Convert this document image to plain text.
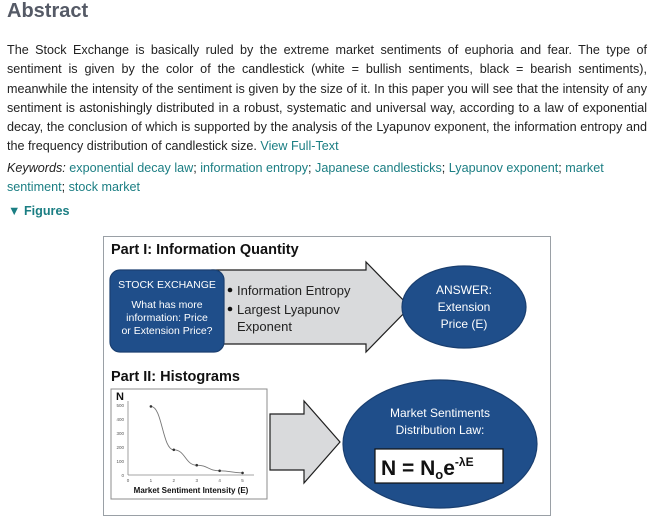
Abstract
The Stock Exchange is basically ruled by the extreme market sentiments of euphoria and fear. The type of sentiment is given by the color of the candlestick (white = bullish sentiments, black = bearish sentiments), meanwhile the intensity of the sentiment is given by the size of it. In this paper you will see that the intensity of any sentiment is astonishingly distributed in a robust, systematic and universal way, according to a law of exponential decay, the conclusion of which is supported by the analysis of the Lyapunov exponent, the information entropy and the frequency distribution of candlestick size. View Full-Text
Keywords: exponential decay law; information entropy; Japanese candlesticks; Lyapunov exponent; market sentiment; stock market
▼ Figures
Part I: Information Quantity
STOCK EXCHANGE
What has more
information: Price
or Extension Price?
Information Entropy
Largest Lyapunov
Exponent
ANSWER:
Extension
Price (E)
Part II: Histograms
N
0
100
200
300
400
500
0	1	2	3	4	5
Market Sentiment Intensity (E)
Market Sentiments
Distribution Law:
N = Noe$^{-\lambda E}$
